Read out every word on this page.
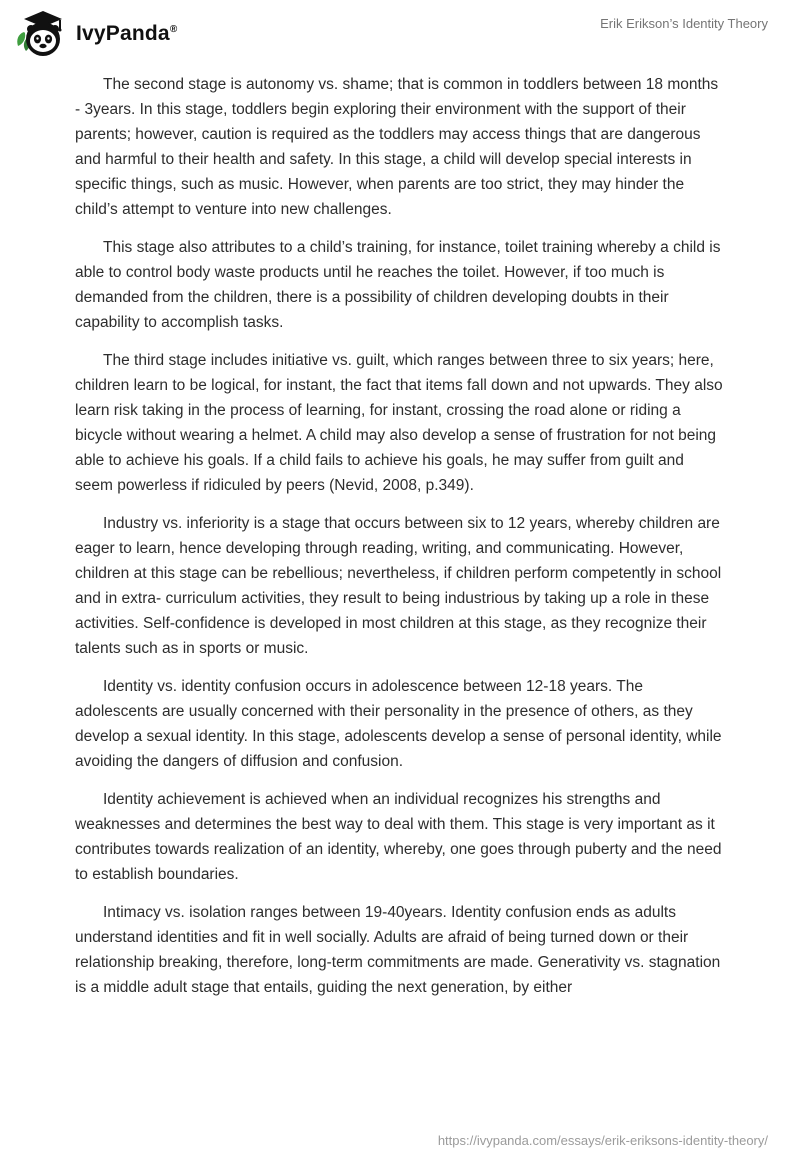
IvyPanda®	Erik Erikson’s Identity Theory

The second stage is autonomy vs. shame; that is common in toddlers between 18 months - 3years. In this stage, toddlers begin exploring their environment with the support of their parents; however, caution is required as the toddlers may access things that are dangerous and harmful to their health and safety. In this stage, a child will develop special interests in specific things, such as music. However, when parents are too strict, they may hinder the child’s attempt to venture into new challenges.

This stage also attributes to a child’s training, for instance, toilet training whereby a child is able to control body waste products until he reaches the toilet. However, if too much is demanded from the children, there is a possibility of children developing doubts in their capability to accomplish tasks.

The third stage includes initiative vs. guilt, which ranges between three to six years; here, children learn to be logical, for instant, the fact that items fall down and not upwards. They also learn risk taking in the process of learning, for instant, crossing the road alone or riding a bicycle without wearing a helmet. A child may also develop a sense of frustration for not being able to achieve his goals. If a child fails to achieve his goals, he may suffer from guilt and seem powerless if ridiculed by peers (Nevid, 2008, p.349).

Industry vs. inferiority is a stage that occurs between six to 12 years, whereby children are eager to learn, hence developing through reading, writing, and communicating. However, children at this stage can be rebellious; nevertheless, if children perform competently in school and in extra- curriculum activities, they result to being industrious by taking up a role in these activities. Self-confidence is developed in most children at this stage, as they recognize their talents such as in sports or music.

Identity vs. identity confusion occurs in adolescence between 12-18 years. The adolescents are usually concerned with their personality in the presence of others, as they develop a sexual identity. In this stage, adolescents develop a sense of personal identity, while avoiding the dangers of diffusion and confusion.

Identity achievement is achieved when an individual recognizes his strengths and weaknesses and determines the best way to deal with them. This stage is very important as it contributes towards realization of an identity, whereby, one goes through puberty and the need to establish boundaries.

Intimacy vs. isolation ranges between 19-40years. Identity confusion ends as adults understand identities and fit in well socially. Adults are afraid of being turned down or their relationship breaking, therefore, long-term commitments are made. Generativity vs. stagnation is a middle adult stage that entails, guiding the next generation, by either

https://ivypanda.com/essays/erik-eriksons-identity-theory/
